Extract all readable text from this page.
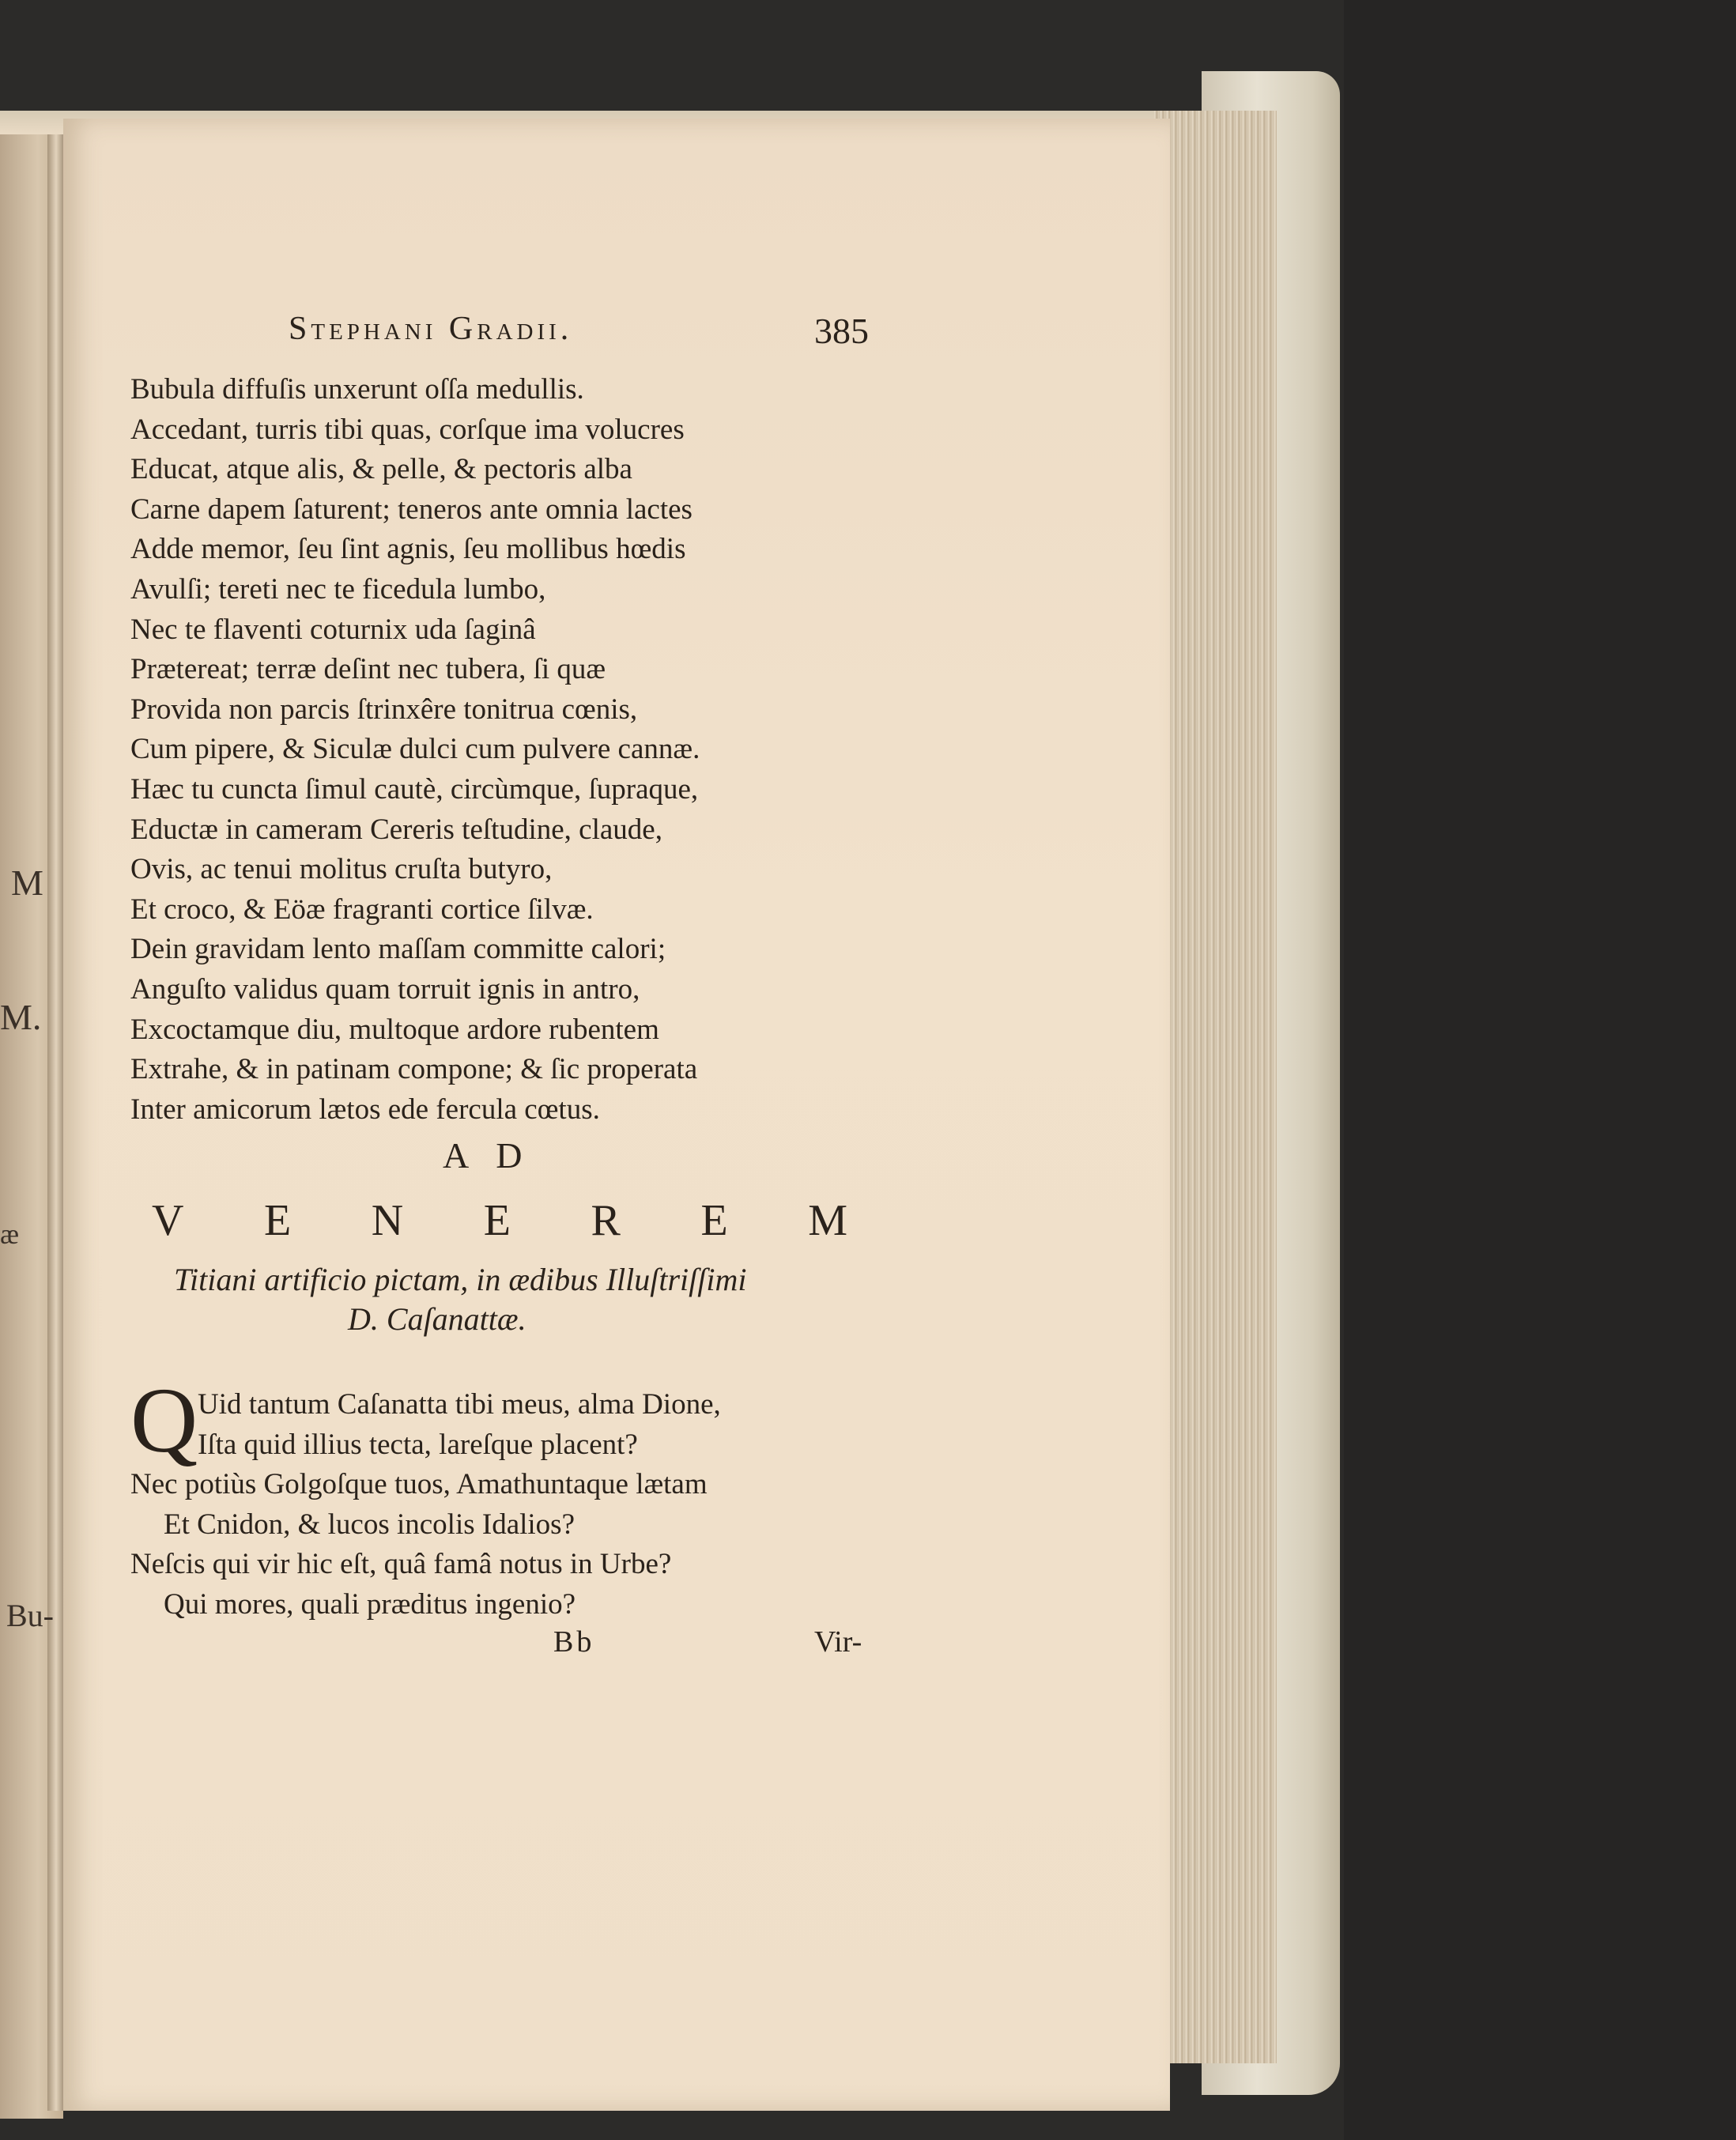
M
M.
æ
Bu-
Stephani Gradii.	385
Bubula diffuſis unxerunt oſſa medullis.
Accedant, turris tibi quas, corſque ima volucres
Educat, atque alis, & pelle, & pectoris alba
Carne dapem ſaturent; teneros ante omnia lactes
Adde memor, ſeu ſint agnis, ſeu mollibus hœdis
Avulſi; tereti nec te ficedula lumbo,
Nec te flaventi coturnix uda ſaginâ
Prætereat; terræ deſint nec tubera, ſi quæ
Provida non parcis ſtrinxêre tonitrua cœnis,
Cum pipere, & Siculæ dulci cum pulvere cannæ.
Hæc tu cuncta ſimul cautè, circùmque, ſupraque,
Eductæ in cameram Cereris teſtudine, claude,
Ovis, ac tenui molitus cruſta butyro,
Et croco, & Eöæ fragranti cortice ſilvæ.
Dein gravidam lento maſſam committe calori;
Anguſto validus quam torruit ignis in antro,
Excoctamque diu, multoque ardore rubentem
Extrahe, & in patinam compone; & ſic properata
Inter amicorum lætos ede fercula cœtus.
AD
V E N E R E M
Titiani artificio pictam, in ædibus Illuſtriſſimi
D. Caſanattæ.
Q Uid tantum Caſanatta tibi meus, alma Dione,
Iſta quid illius tecta, lareſque placent?
Nec potiùs Golgoſque tuos, Amathuntaque lætam
Et Cnidon, & lucos incolis Idalios?
Neſcis qui vir hic eſt, quâ famâ notus in Urbe?
Qui mores, quali præditus ingenio?
Bb	Vir-
